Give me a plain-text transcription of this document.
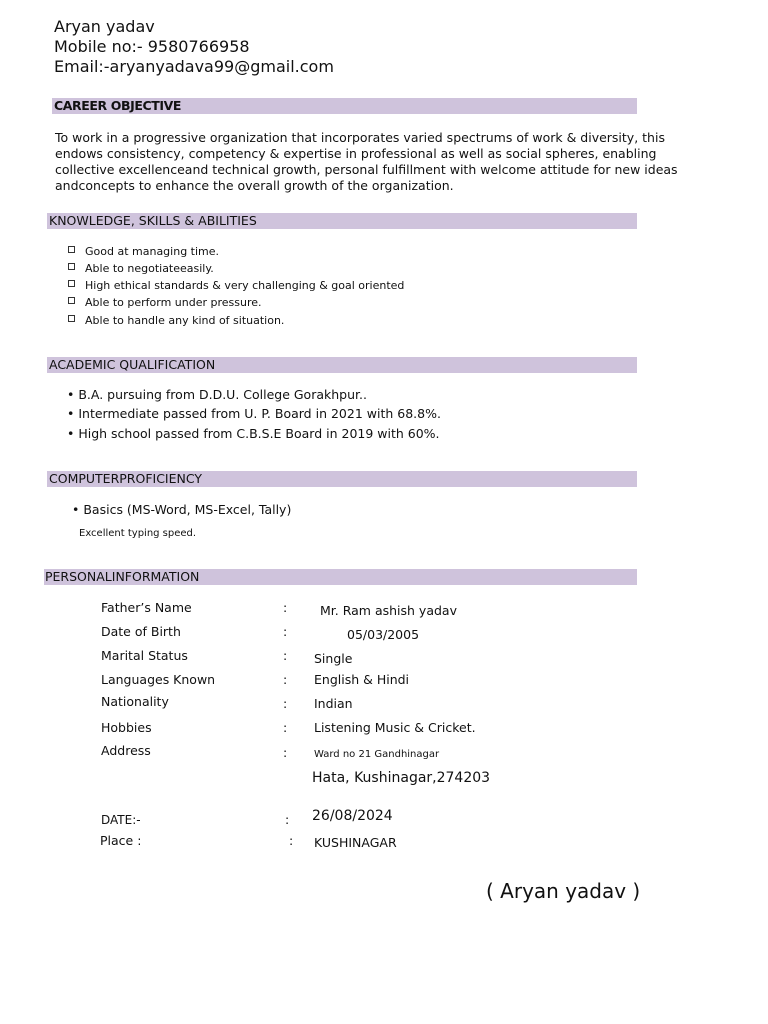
Aryan yadav
Mobile no:- 9580766958
Email:-aryanyadava99@gmail.com
CAREER OBJECTIVE
To work in a progressive organization that incorporates varied spectrums of work & diversity, this endows consistency, competency & expertise in professional as well as social spheres, enabling collective excellenceand technical growth, personal fulfillment with welcome attitude for new ideas andconcepts to enhance the overall growth of the organization.
KNOWLEDGE, SKILLS & ABILITIES
Good at managing time.
Able to negotiateeasily.
High ethical standards & very challenging & goal oriented
Able to perform under pressure.
Able to handle any kind of situation.
ACADEMIC QUALIFICATION
• B.A. pursuing from D.D.U. College Gorakhpur..
• Intermediate passed from U. P. Board in 2021 with 68.8%.
• High school passed from C.B.S.E Board in 2019 with 60%.
COMPUTERPROFICIENCY
• Basics (MS-Word, MS-Excel, Tally)
Excellent typing speed.
PERSONALINFORMATION
Father’s Name	:	Mr. Ram ashish yadav
Date of Birth	:	05/03/2005
Marital Status	: Single
Languages Known	: English & Hindi
Nationality	: Indian
Hobbies	: Listening Music & Cricket.
Address	:	Ward no 21 Gandhinagar
Hata, Kushinagar,274203
DATE:-	: 26/08/2024
Place :	: KUSHINAGAR
( Aryan yadav )
